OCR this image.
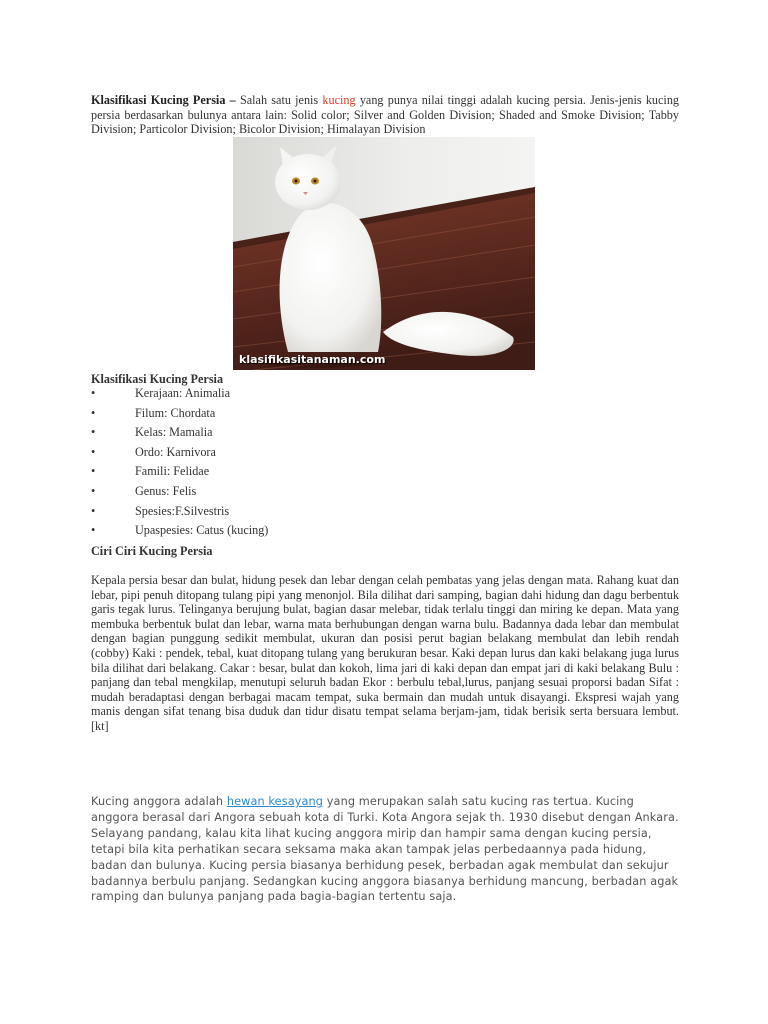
Klasifikasi Kucing Persia – Salah satu jenis kucing yang punya nilai tinggi adalah kucing persia. Jenis-jenis kucing persia berdasarkan bulunya antara lain: Solid color; Silver and Golden Division; Shaded and Smoke Division; Tabby Division; Particolor Division; Bicolor Division; Himalayan Division

klasifikasitanaman.com
Klasifikasi Kucing Persia
•	Kerajaan: Animalia
•	Filum: Chordata
•	Kelas: Mamalia
•	Ordo: Karnivora
•	Famili: Felidae
•	Genus: Felis
•	Spesies:F.Silvestris
•	Upaspesies: Catus (kucing)
Ciri Ciri Kucing Persia

Kepala persia besar dan bulat, hidung pesek dan lebar dengan celah pembatas yang jelas dengan mata. Rahang kuat dan lebar, pipi penuh ditopang tulang pipi yang menonjol. Bila dilihat dari samping, bagian dahi hidung dan dagu berbentuk garis tegak lurus. Telinganya berujung bulat, bagian dasar melebar, tidak terlalu tinggi dan miring ke depan. Mata yang membuka berbentuk bulat dan lebar, warna mata berhubungan dengan warna bulu. Badannya dada lebar dan membulat dengan bagian punggung sedikit membulat, ukuran dan posisi perut bagian belakang membulat dan lebih rendah (cobby) Kaki : pendek, tebal, kuat ditopang tulang yang berukuran besar. Kaki depan lurus dan kaki belakang juga lurus bila dilihat dari belakang. Cakar : besar, bulat dan kokoh, lima jari di kaki depan dan empat jari di kaki belakang Bulu : panjang dan tebal mengkilap, menutupi seluruh badan Ekor : berbulu tebal,lurus, panjang sesuai proporsi badan Sifat : mudah beradaptasi dengan berbagai macam tempat, suka bermain dan mudah untuk disayangi. Ekspresi wajah yang manis dengan sifat tenang bisa duduk dan tidur disatu tempat selama berjam-jam, tidak berisik serta bersuara lembut.[kt]

Kucing anggora adalah hewan kesayang yang merupakan salah satu kucing ras tertua. Kucing anggora berasal dari Angora sebuah kota di Turki. Kota Angora sejak th. 1930 disebut dengan Ankara. Selayang pandang, kalau kita lihat kucing anggora mirip dan hampir sama dengan kucing persia, tetapi bila kita perhatikan secara seksama maka akan tampak jelas perbedaannya pada hidung, badan dan bulunya. Kucing persia biasanya berhidung pesek, berbadan agak membulat dan sekujur badannya berbulu panjang. Sedangkan kucing anggora biasanya berhidung mancung, berbadan agak ramping dan bulunya panjang pada bagia-bagian tertentu saja.
